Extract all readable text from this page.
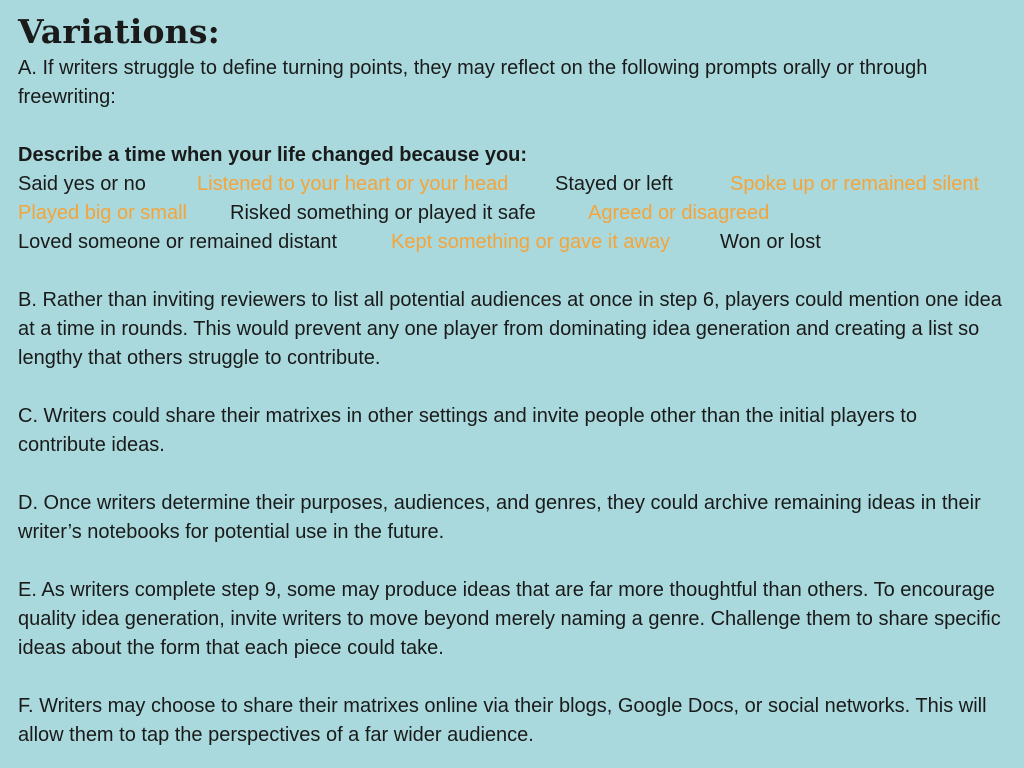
Variations:

A. If writers struggle to define turning points, they may reflect on the following prompts orally or through freewriting:

Describe a time when your life changed because you:

Said yes or no	Listened to your heart or your head Stayed or left	Spoke up or remained silent
Played big or small Risked something or played it safe	Agreed or disagreed
Loved someone or remained distant	Kept something or gave it away Won or lost

B. Rather than inviting reviewers to list all potential audiences at once in step 6, players could mention one idea at a time in rounds. This would prevent any one player from dominating idea generation and creating a list so lengthy that others struggle to contribute.

C. Writers could share their matrixes in other settings and invite people other than the initial players to contribute ideas.

D. Once writers determine their purposes, audiences, and genres, they could archive remaining ideas in their writer’s notebooks for potential use in the future.

E. As writers complete step 9, some may produce ideas that are far more thoughtful than others. To encourage quality idea generation, invite writers to move beyond merely naming a genre. Challenge them to share specific ideas about the form that each piece could take.

F. Writers may choose to share their matrixes online via their blogs, Google Docs, or social networks. This will allow them to tap the perspectives of a far wider audience.
